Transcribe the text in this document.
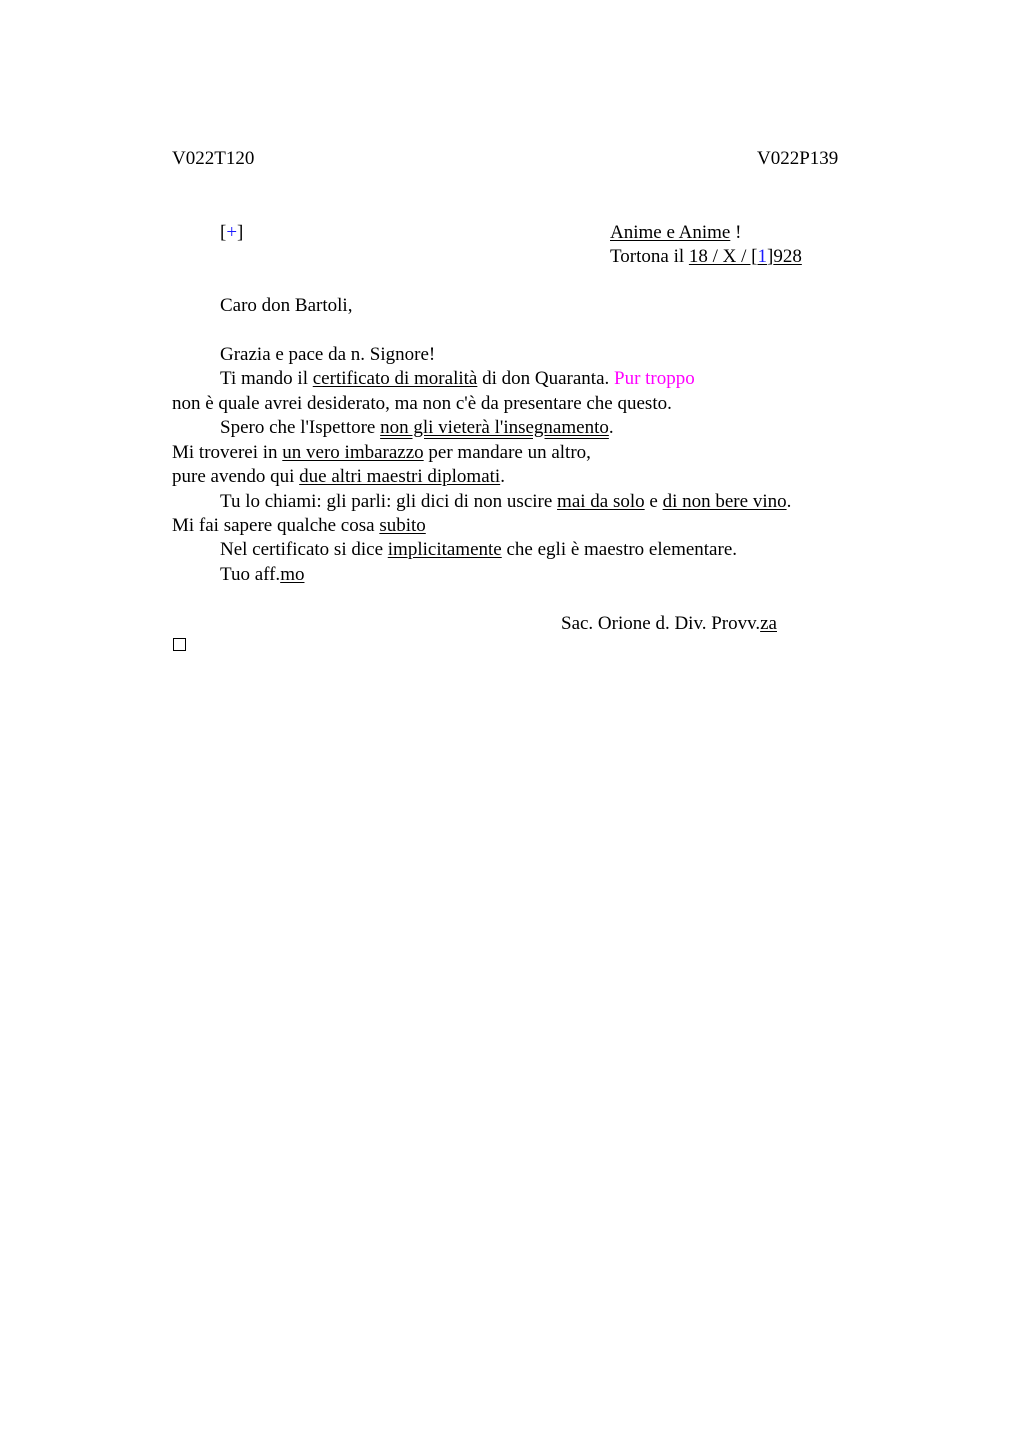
V022T120	V022P139
[+]	Anime e Anime !
Tortona il 18 / X / [1]928
Caro don Bartoli,
Grazia e pace da n. Signore!
Ti mando il certificato di moralità di don Quaranta. Pur troppo
non è quale avrei desiderato, ma non c'è da presentare che questo.
Spero che l'Ispettore non gli vieterà l'insegnamento.
Mi troverei in un vero imbarazzo per mandare un altro,
pure avendo qui due altri maestri diplomati.
Tu lo chiami: gli parli: gli dici di non uscire mai da solo e di non bere vino.
Mi fai sapere qualche cosa subito
Nel certificato si dice implicitamente che egli è maestro elementare.
Tuo aff.mo
Sac. Orione d. Div. Provv.za
